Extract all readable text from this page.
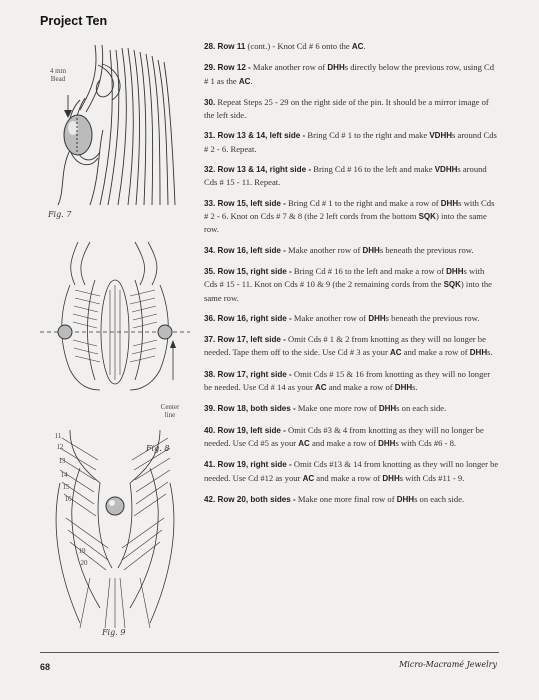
Project Ten
4 mm
Bead
Fig. 7
Center
line
Fig. 8
11
12
13
14
15
16
19
20
Fig. 9

28. Row 11 (cont.) - Knot Cd # 6 onto the AC.

29. Row 12 - Make another row of DHHs directly below the previous row, using Cd # 1 as the AC.

30. Repeat Steps 25 - 29 on the right side of the pin. It should be a mirror image of the left side.

31. Row 13 & 14, left side - Bring Cd # 1 to the right and make VDHHs around Cds # 2 - 6. Repeat.

32. Row 13 & 14, right side - Bring Cd # 16 to the left and make VDHHs around Cds # 15 - 11. Repeat.

33. Row 15, left side - Bring Cd # 1 to the right and make a row of DHHs with Cds # 2 - 6. Knot on Cds # 7 & 8 (the 2 left cords from the bottom SQK) into the same row.

34. Row 16, left side - Make another row of DHHs beneath the previous row.

35. Row 15, right side - Bring Cd # 16 to the left and make a row of DHHs with Cds # 15 - 11. Knot on Cds # 10 & 9 (the 2 remaining cords from the SQK) into the same row.

36. Row 16, right side - Make another row of DHHs beneath the previous row.

37. Row 17, left side - Omit Cds # 1 & 2 from knotting as they will no longer be needed. Tape them off to the side. Use Cd # 3 as your AC and make a row of DHHs.

38. Row 17, right side - Omit Cds # 15 & 16 from knotting as they will no longer be needed. Use Cd # 14 as your AC and make a row of DHHs.

39. Row 18, both sides - Make one more row of DHHs on each side.

40. Row 19, left side - Omit Cds #3 & 4 from knotting as they will no longer be needed. Use Cd #5 as your AC and make a row of DHHs with Cds #6 - 8.

41. Row 19, right side - Omit Cds #13 & 14 from knotting as they will no longer be needed. Use Cd #12 as your AC and make a row of DHHs with Cds #11 - 9.

42. Row 20, both sides - Make one more final row of DHHs on each side.

68	Micro-Macramé Jewelry
